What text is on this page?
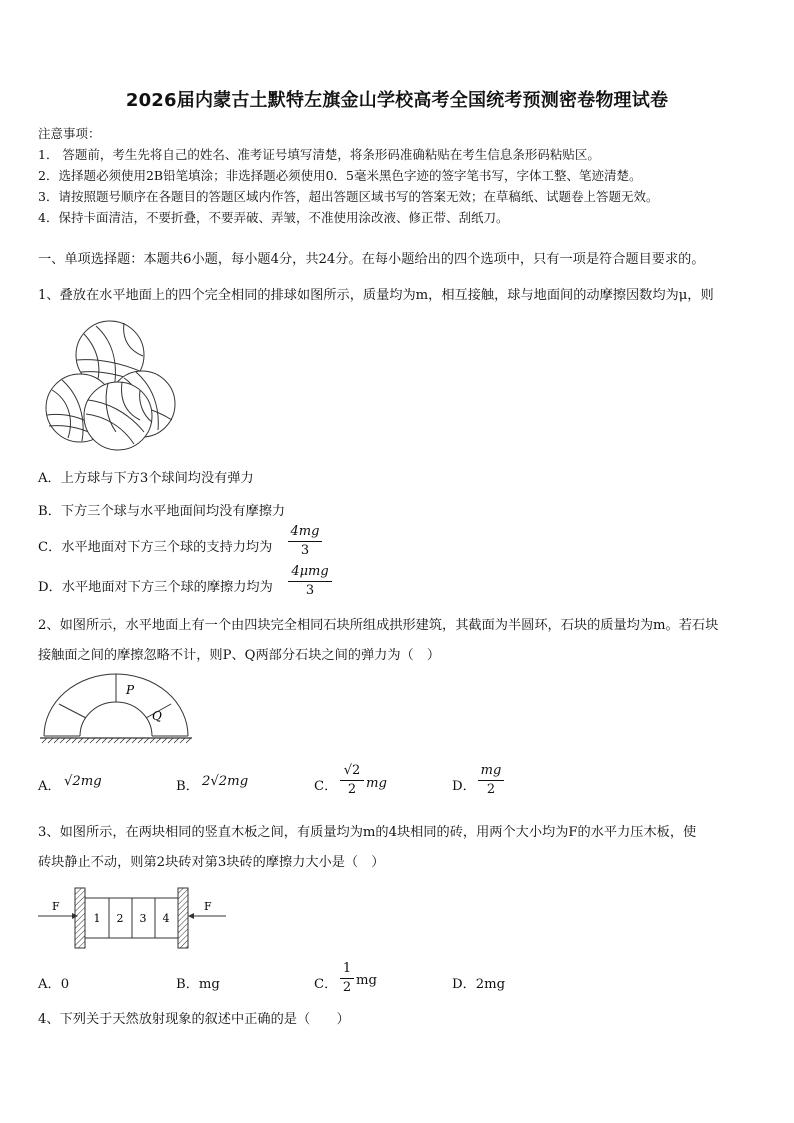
2026届内蒙古土默特左旗金山学校高考全国统考预测密卷物理试卷
注意事项：
1． 答题前，考生先将自己的姓名、准考证号填写清楚，将条形码准确粘贴在考生信息条形码粘贴区。
2．选择题必须使用2B铅笔填涂；非选择题必须使用0．5毫米黑色字迹的签字笔书写，字体工整、笔迹清楚。
3．请按照题号顺序在各题目的答题区域内作答，超出答题区域书写的答案无效；在草稿纸、试题卷上答题无效。
4．保持卡面清洁，不要折叠，不要弄破、弄皱，不准使用涂改液、修正带、刮纸刀。
一、单项选择题：本题共6小题，每小题4分，共24分。在每小题给出的四个选项中，只有一项是符合题目要求的。
1、叠放在水平地面上的四个完全相同的排球如图所示，质量均为m，相互接触，球与地面间的动摩擦因数均为μ，则
A．上方球与下方3个球间均没有弹力
B．下方三个球与水平地面间均没有摩擦力
C．水平地面对下方三个球的支持力均为
4mg
3
D．水平地面对下方三个球的摩擦力均为
4μmg
3
2、如图所示，水平地面上有一个由四块完全相同石块所组成拱形建筑，其截面为半圆环，石块的质量均为m。若石块
接触面之间的摩擦忽略不计，则P、Q两部分石块之间的弹力为（　）
P
Q
A． √2mg	B． 2√2mg	C．
√2
2 mg	D．
mg
2
3、如图所示，在两块相同的竖直木板之间，有质量均为m的4块相同的砖，用两个大小均为F的水平力压木板，使
砖块静止不动，则第2块砖对第3块砖的摩擦力大小是（　）
F
1 2 3 4
F
A．0	B．mg	C．
1
2 mg	D．2mg
4、下列关于天然放射现象的叙述中正确的是（　　）
